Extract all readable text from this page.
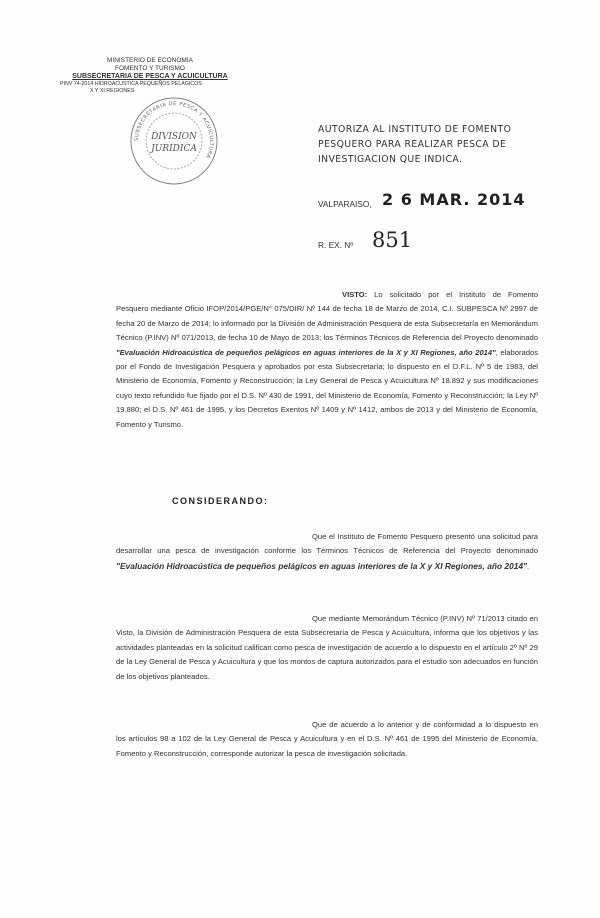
MINISTERIO DE ECONOMIA
FOMENTO Y TURISMO
SUBSECRETARIA DE PESCA Y ACUICULTURA
PINV 74-2014 HIDROACUSTICA PEQUEÑOS PELAGICOS
X Y XI REGIONES
SUBSECRETARIA DE PESCA Y ACUICULTURA
DIVISION
JURIDICA
AUTORIZA AL INSTITUTO DE FOMENTO PESQUERO PARA REALIZAR PESCA DE INVESTIGACION QUE INDICA.
VALPARAISO, 2 6 MAR. 2014
R. EX. Nº 851
VISTO: Lo solicitado por el Instituto de Fomento Pesquero mediante Oficio IFOP/2014/PGE/N° 075/DIR/ Nº 144 de fecha 18 de Marzo de 2014, C.I. SUBPESCA Nº 2997 de fecha 20 de Marzo de 2014; lo informado por la División de Administración Pesquera de esta Subsecretaría en Memorándum Técnico (P.INV) Nº 071/2013, de fecha 10 de Mayo de 2013; los Términos Técnicos de Referencia del Proyecto denominado "Evaluación Hidroacústica de pequeños pelágicos en aguas interiores de la X y XI Regiones, año 2014", elaborados por el Fondo de Investigación Pesquera y aprobados por esta Subsecretaría; lo dispuesto en el D.F.L. Nº 5 de 1983, del Ministerio de Economía, Fomento y Reconstrucción; la Ley General de Pesca y Acuicultura Nº 18.892 y sus modificaciones cuyo texto refundido fue fijado por el D.S. Nº 430 de 1991, del Ministerio de Economía, Fomento y Reconstrucción; la Ley Nº 19.880; el D.S. Nº 461 de 1995, y los Decretos Exentos Nº 1409 y Nº 1412, ambos de 2013 y del Ministerio de Economía, Fomento y Turismo.
CONSIDERANDO:
Que el Instituto de Fomento Pesquero presentó una solicitud para desarrollar una pesca de investigación conforme los Términos Técnicos de Referencia del Proyecto denominado "Evaluación Hidroacústica de pequeños pelágicos en aguas interiores de la X y XI Regiones, año 2014".
Que mediante Memorándum Técnico (P.INV) Nº 71/2013 citado en Visto, la División de Administración Pesquera de esta Subsecretaría de Pesca y Acuicultura, informa que los objetivos y las actividades planteadas en la solicitud califican como pesca de investigación de acuerdo a lo dispuesto en el artículo 2º Nº 29 de la Ley General de Pesca y Acuicultura y que los montos de captura autorizados para el estudio son adecuados en función de los objetivos planteados.
Que de acuerdo a lo anterior y de conformidad a lo dispuesto en los artículos 98 a 102 de la Ley General de Pesca y Acuicultura y en el D.S. Nº 461 de 1995 del Ministerio de Economía, Fomento y Reconstrucción, corresponde autorizar la pesca de investigación solicitada.
